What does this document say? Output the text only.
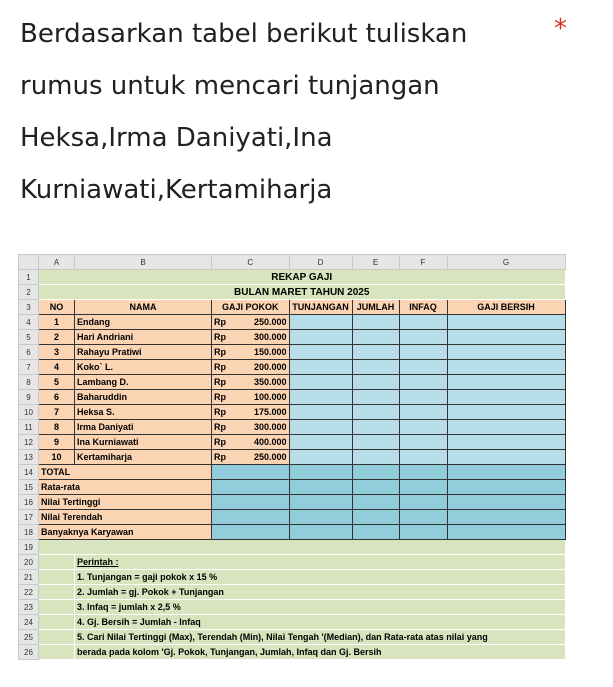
Berdasarkan tabel berikut tuliskan rumus untuk mencari tunjangan Heksa,Irma Daniyati,Ina Kurniawati,Kertamiharja
*
	A	B	C		D	E	F	G
1	REKAP GAJI							
2	BULAN MARET TAHUN 2025							
3	NO	NAMA	GAJI POKOK		TUNJANGAN	JUMLAH	INFAQ	GAJI BERSIH
4	1	Endang	Rp	250.000				
5	2	Hari Andriani	Rp	300.000				
6	3	Rahayu Pratiwi	Rp	150.000				
7	4	Koko` L.	Rp	200.000				
8	5	Lambang D.	Rp	350.000				
9	6	Baharuddin	Rp	100.000				
10	7	Heksa S.	Rp	175.000				
11	8	Irma Daniyati	Rp	300.000				
12	9	Ina Kurniawati	Rp	400.000				
13	10	Kertamiharja	Rp	250.000				
14	TOTAL							
15	Rata-rata							
16	Nilai Tertinggi							
17	Nilai Terendah							
18	Banyaknya Karyawan							
19								
20		Perintah :						
21		1. Tunjangan = gaji pokok x 15 %						
22		2. Jumlah = gj. Pokok + Tunjangan						
23		3. Infaq = jumlah x 2,5 %						
24		4. Gj. Bersih = Jumlah - Infaq						
25		5. Cari Nilai Tertinggi (Max), Terendah (Min), Nilai Tengah '(Median), dan Rata-rata atas nilai yang						
26		berada pada kolom 'Gj. Pokok, Tunjangan, Jumlah, Infaq dan Gj. Bersih						
